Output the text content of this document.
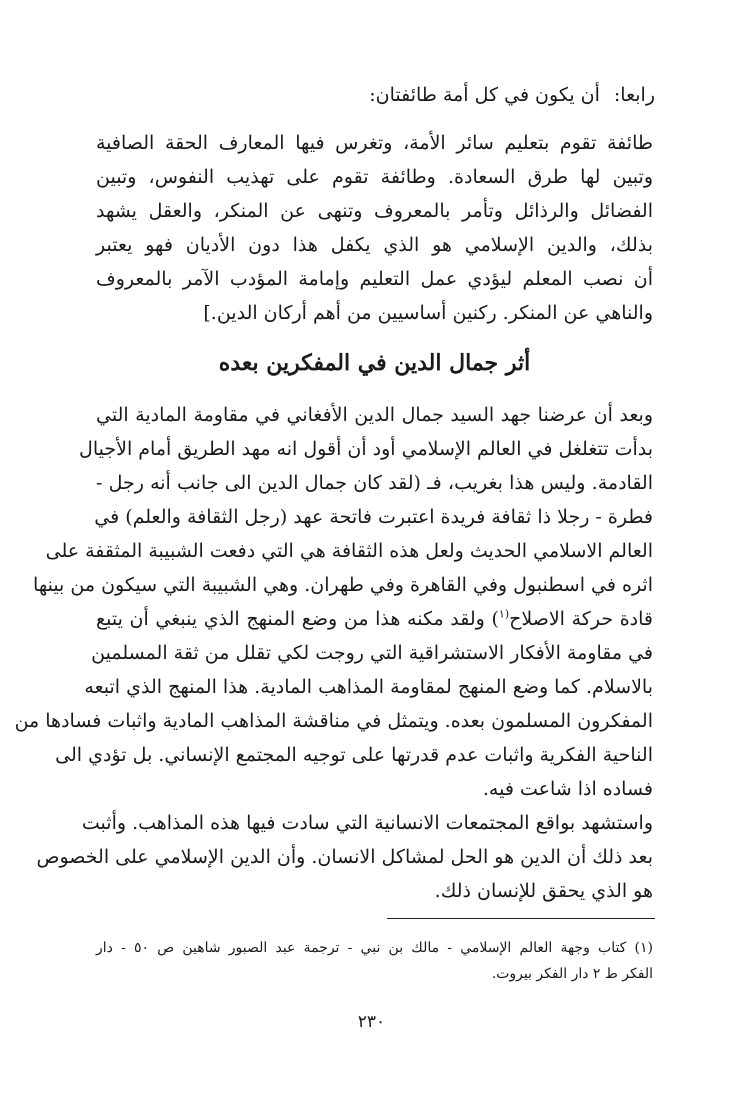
رابعا:أن يكون في كل أمة طائفتان:
طائفة تقوم بتعليم سائر الأمة، وتغرس فيها المعارف الحقة الصافية
وتبين لها طرق السعادة. وطائفة تقوم على تهذيب النفوس، وتبين
الفضائل والرذائل وتأمر بالمعروف وتنهى عن المنكر، والعقل يشهد
بذلك، والدين الإسلامي هو الذي يكفل هذا دون الأديان فهو يعتبر
أن نصب المعلم ليؤدي عمل التعليم وإمامة المؤدب الآمر بالمعروف
والناهي عن المنكر. ركنين أساسيين من أهم أركان الدين.]
أثر جمال الدين في المفكرين بعده
وبعد أن عرضنا جهد السيد جمال الدين الأفغاني في مقاومة المادية التي
بدأت تتغلغل في العالم الإسلامي أود أن أقول انه مهد الطريق أمام الأجيال
القادمة. وليس هذا بغريب، فـ (لقد كان جمال الدين الى جانب أنه رجل -
فطرة - رجلا ذا ثقافة فريدة اعتبرت فاتحة عهد (رجل الثقافة والعلم) في
العالم الاسلامي الحديث ولعل هذه الثقافة هي التي دفعت الشبيبة المثقفة على
اثره في اسطنبول وفي القاهرة وفي طهران. وهي الشبيبة التي سيكون من بينها
قادة حركة الاصلاح$^{(١}$) ولقد مكنه هذا من وضع المنهج الذي ينبغي أن يتبع
في مقاومة الأفكار الاستشراقية التي روجت لكي تقلل من ثقة المسلمين
بالاسلام. كما وضع المنهج لمقاومة المذاهب المادية. هذا المنهج الذي اتبعه
المفكرون المسلمون بعده. ويتمثل في مناقشة المذاهب المادية واثبات فسادها من
الناحية الفكرية واثبات عدم قدرتها على توجيه المجتمع الإنساني. بل تؤدي الى
فساده اذا شاعت فيه.
واستشهد بواقع المجتمعات الانسانية التي سادت فيها هذه المذاهب. وأثبت
بعد ذلك أن الدين هو الحل لمشاكل الانسان. وأن الدين الإسلامي على الخصوص
هو الذي يحقق للإنسان ذلك.
(١) كتاب وجهة العالم الإسلامي - مالك بن نبي - ترجمة عبد الصبور شاهين ص ٥٠ - دار
الفكر ط ٢ دار الفكر بيروت.
٢٣٠
